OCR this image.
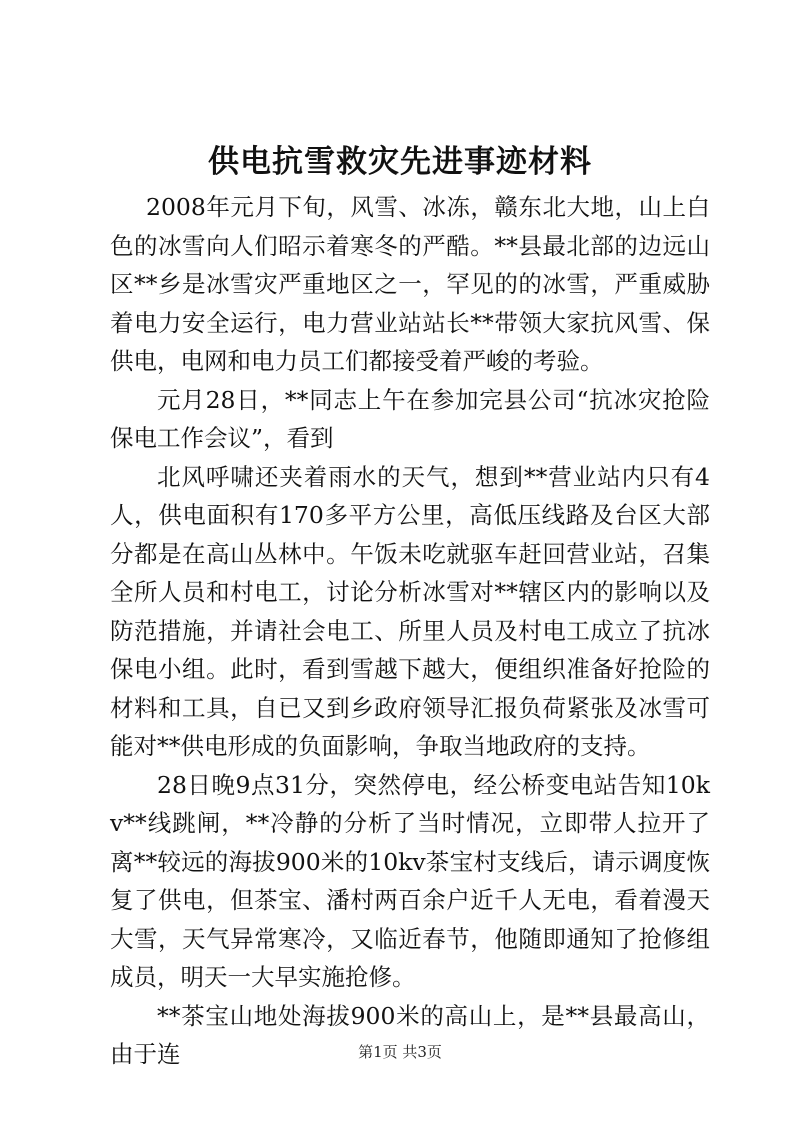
供电抗雪救灾先进事迹材料

2008年元月下旬，风雪、冰冻，赣东北大地，山上白色的冰雪向人们昭示着寒冬的严酷。**县最北部的边远山区**乡是冰雪灾严重地区之一，罕见的的冰雪，严重威胁着电力安全运行，电力营业站站长**带领大家抗风雪、保供电，电网和电力员工们都接受着严峻的考验。

元月28日，**同志上午在参加完县公司“抗冰灾抢险保电工作会议”，看到

北风呼啸还夹着雨水的天气，想到**营业站内只有4人，供电面积有170多平方公里，高低压线路及台区大部分都是在高山丛林中。午饭未吃就驱车赶回营业站，召集全所人员和村电工，讨论分析冰雪对**辖区内的影响以及防范措施，并请社会电工、所里人员及村电工成立了抗冰保电小组。此时，看到雪越下越大，便组织准备好抢险的材料和工具，自已又到乡政府领导汇报负荷紧张及冰雪可能对**供电形成的负面影响，争取当地政府的支持。

28日晚9点31分，突然停电，经公桥变电站告知10kv**线跳闸，**冷静的分析了当时情况，立即带人拉开了离**较远的海拔900米的10kv茶宝村支线后，请示调度恢复了供电，但茶宝、潘村两百余户近千人无电，看着漫天大雪，天气异常寒冷，又临近春节，他随即通知了抢修组成员，明天一大早实施抢修。

**茶宝山地处海拔900米的高山上，是**县最高山，由于连	第1页 共3页
